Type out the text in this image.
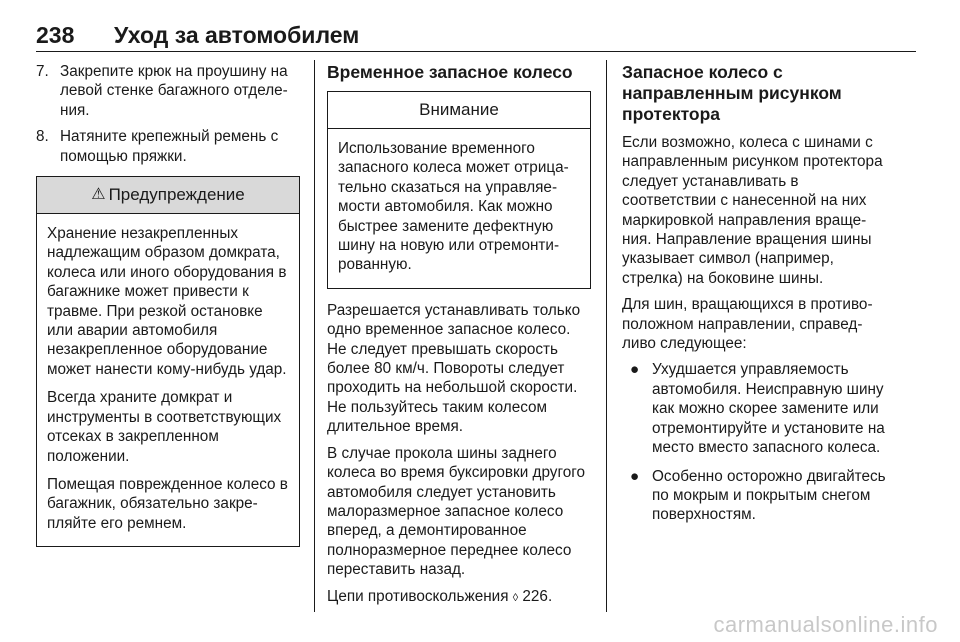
238	Уход за автомобилем
7. Закрепите крюк на проушину на левой стенке багажного отделения.
8. Натяните крепежный ремень с помощью пряжки.
⚠ Предупреждение

Хранение незакрепленных надлежащим образом домкрата, колеса или иного оборудования в багажнике может привести к травме. При резкой остановке или аварии автомобиля незакрепленное оборудование может нанести кому-нибудь удар.

Всегда храните домкрат и инструменты в соответствующих отсеках в закрепленном положении.

Помещая поврежденное колесо в багажник, обязательно закрепляйте его ремнем.

Временное запасное колесо
Внимание

Использование временного запасного колеса может отрицательно сказаться на управляемости автомобиля. Как можно быстрее замените дефектную шину на новую или отремонтированную.

Разрешается устанавливать только одно временное запасное колесо. Не следует превышать скорость более 80 км/ч. Повороты следует проходить на небольшой скорости. Не пользуйтесь таким колесом длительное время.

В случае прокола шины заднего колеса во время буксировки другого автомобиля следует установить малоразмерное запасное колесо вперед, а демонтированное полноразмерное переднее колесо переставить назад.

Цепи противоскольжения ◊ 226.

Запасное колесо с направленным рисунком протектора

Если возможно, колеса с шинами с направленным рисунком протектора следует устанавливать в соответствии с нанесенной на них маркировкой направления вращения. Направление вращения шины указывает символ (например, стрелка) на боковине шины.

Для шин, вращающихся в противоположном направлении, справедливо следующее:

● Ухудшается управляемость автомобиля. Неисправную шину как можно скорее замените или отремонтируйте и установите на место вместо запасного колеса.
● Особенно осторожно двигайтесь по мокрым и покрытым снегом поверхностям.
carmanualsonline.info
